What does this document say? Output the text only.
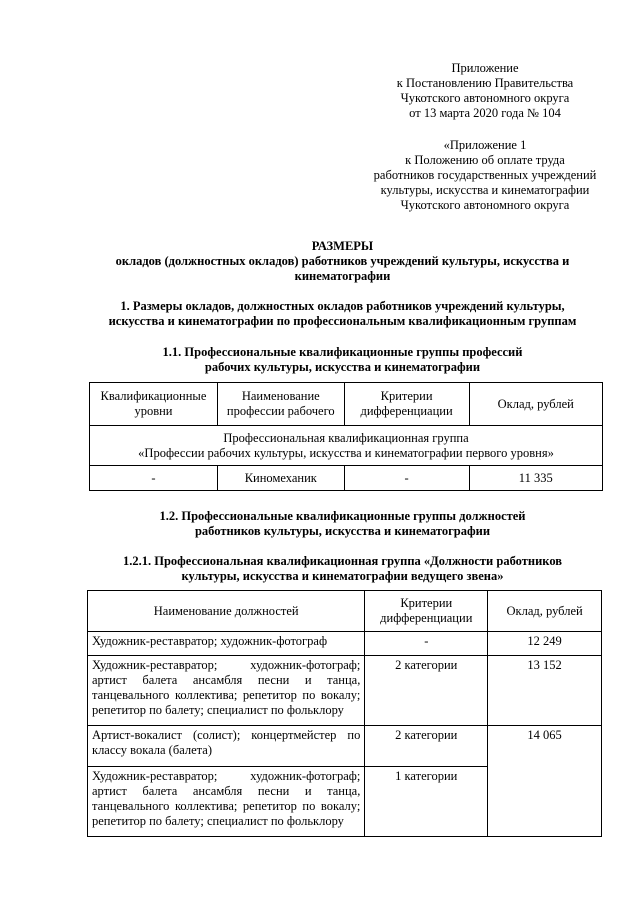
Приложение
к Постановлению Правительства
Чукотского автономного округа
от 13 марта 2020 года № 104
«Приложение 1
к Положению об оплате труда
работников государственных учреждений
культуры, искусства и кинематографии
Чукотского автономного округа
РАЗМЕРЫ
окладов (должностных окладов) работников учреждений культуры, искусства и
кинематографии
1. Размеры окладов, должностных окладов работников учреждений культуры,
искусства и кинематографии по профессиональным квалификационным группам
1.1. Профессиональные квалификационные группы профессий
рабочих культуры, искусства и кинематографии
Квалификационные уровни	Наименование профессии рабочего	Критерии дифференциации	Оклад, рублей

Профессиональная квалификационная группа
«Профессии рабочих культуры, искусства и кинематографии первого уровня»			

-	Киномеханик	-	11 335
1.2. Профессиональные квалификационные группы должностей
работников культуры, искусства и кинематографии
1.2.1. Профессиональная квалификационная группа «Должности работников
культуры, искусства и кинематографии ведущего звена»
Наименование должностей	Критерии дифференциации	Оклад, рублей
Художник-реставратор; художник-фотограф	-	12 249
Художник-реставратор; художник-фотограф; артист балета ансамбля песни и танца, танцевального коллектива; репетитор по вокалу; репетитор по балету; специалист по фольклору	2 категории	13 152
Артист-вокалист (солист); концертмейстер по классу вокала (балета)	2 категории	14 065
Художник-реставратор; художник-фотограф; артист балета ансамбля песни и танца, танцевального коллектива; репетитор по вокалу; репетитор по балету; специалист по фольклору	1 категории	
